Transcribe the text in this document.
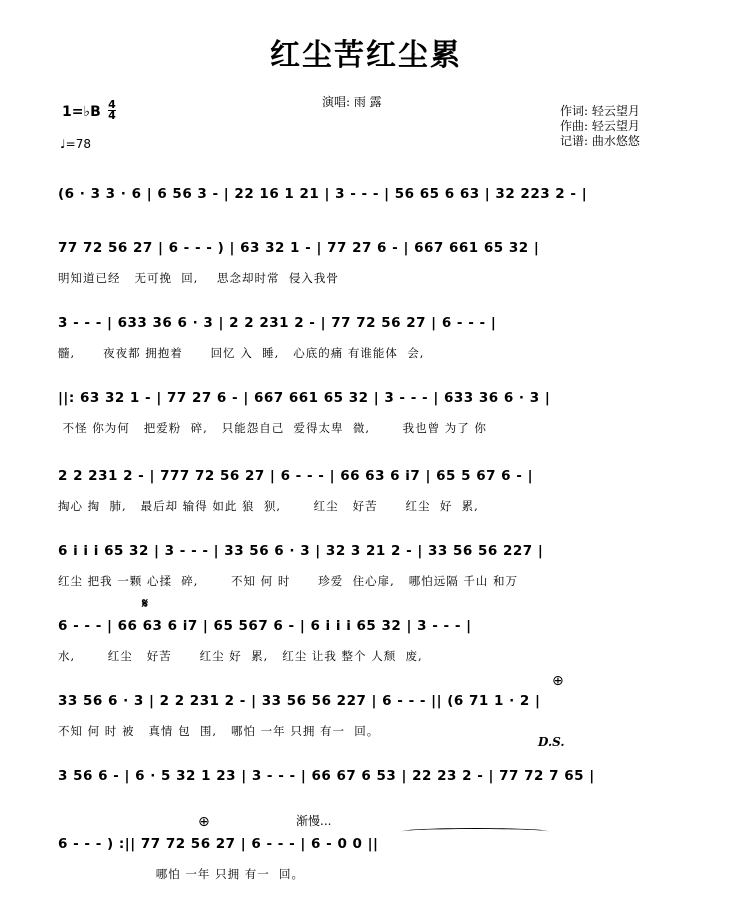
红尘苦红尘累
1=♭B 4
4
♩=78
演唱: 雨 露
作词: 轻云望月
作曲: 轻云望月
记谱: 曲水悠悠
(6 · 3 3 · 6 | 6 56 3 - | 22 16 1 21 | 3 - - - | 56 65 6 63 | 32 223 2 - |
77 72 56 27 | 6 - - - ) | 63 32 1 - | 77 27 6 - | 667 661 65 32 |
明知道已经   无可挽  回,    思念却时常  侵入我骨
3 - - - | 633 36 6 · 3 | 2 2 231 2 - | 77 72 56 27 | 6 - - - |
髓,      夜夜都 拥抱着      回忆 入  睡,   心底的痛 有谁能体  会,
||: 63 32 1 - | 77 27 6 - | 667 661 65 32 | 3 - - - | 633 36 6 · 3 |
不怪 你为何   把爱粉  碎,   只能怨自己  爱得太卑  微,       我也曾 为了 你
2 2 231 2 - | 777 72 56 27 | 6 - - - | 66 63 6 i7 | 65 5 67 6 - |
掏心 掏  肺,   最后却 输得 如此 狼  狈,       红尘   好苦      红尘  好  累,
6 i i i 65 32 | 3 - - - | 33 56 6 · 3 | 32 3 21 2 - | 33 56 56 227 |
红尘 把我 一颗 心揉  碎,       不知 何 时      珍爱  住心扉,   哪怕远隔 千山 和万
6 - - - | 66 63 6 i7 | 65 567 6 - | 6 i i i 65 32 | 3 - - - |
水,       红尘   好苦      红尘 好  累,   红尘 让我 整个 人颓  废,
33 56 6 · 3 | 2 2 231 2 - | 33 56 56 227 | 6 - - - || (6 71 1 · 2 |
不知 何 时 被   真情 包  围,   哪怕 一年 只拥 有一  回。
3 56 6 - | 6 · 5 32 1 23 | 3 - - - | 66 67 6 53 | 22 23 2 - | 77 72 7 65 |
6 - - - ) :|| 77 72 56 27 | 6 - - - | 6 - 0 0 ||
哪怕 一年 只拥 有一  回。
𝄋
⊕
⊕
D.S.
渐慢...
